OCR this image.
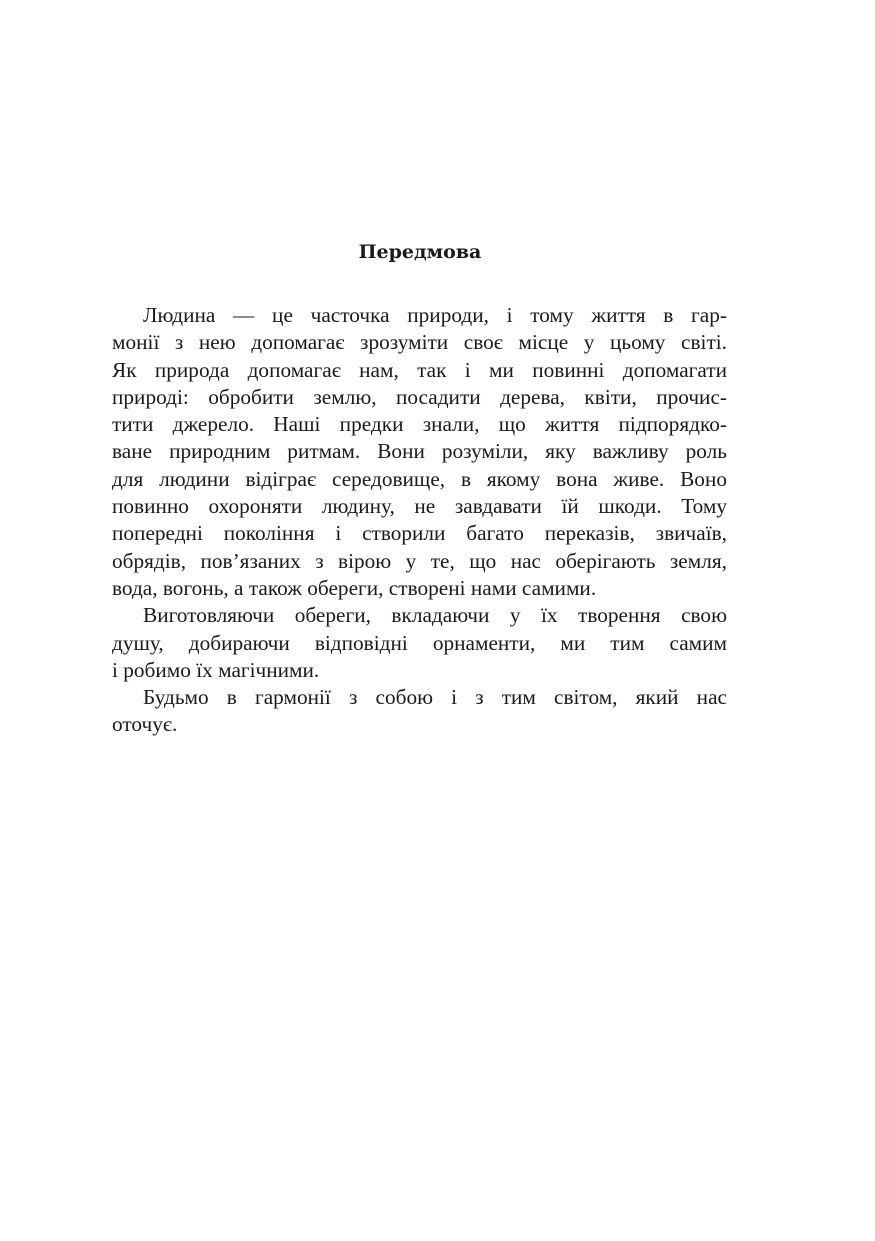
Передмова
Людина — це часточка природи, і тому життя в гар-
монії з нею допомагає зрозуміти своє місце у цьому світі.
Як природа допомагає нам, так і ми повинні допомагати
природі: обробити землю, посадити дерева, квіти, прочис-
тити джерело. Наші предки знали, що життя підпорядко-
ване природним ритмам. Вони розуміли, яку важливу роль
для людини відіграє середовище, в якому вона живе. Воно
повинно охороняти людину, не завдавати їй шкоди. Тому
попередні покоління і створили багато переказів, звичаїв,
обрядів, пов’язаних з вірою у те, що нас оберігають земля,
вода, вогонь, а також обереги, створені нами самими.
Виготовляючи обереги, вкладаючи у їх творення свою
душу, добираючи відповідні орнаменти, ми тим самим
і робимо їх магічними.
Будьмо в гармонії з собою і з тим світом, який нас
оточує.
